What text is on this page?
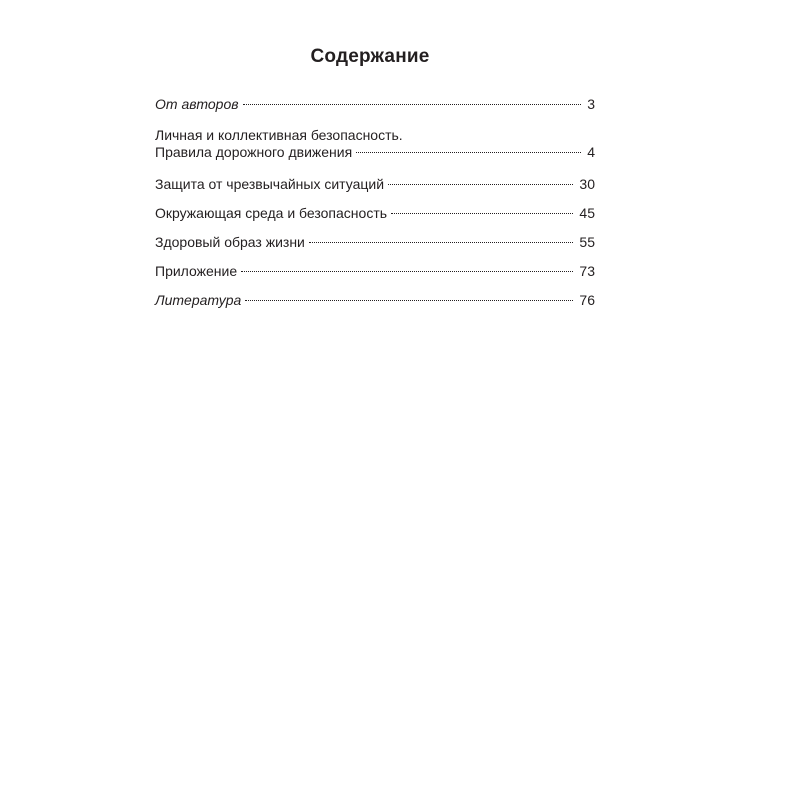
Содержание
От авторов	3
Личная и коллективная безопасность.
Правила дорожного движения	4
Защита от чрезвычайных ситуаций	30
Окружающая среда и безопасность	45
Здоровый образ жизни	55
Приложение	73
Литература	76
